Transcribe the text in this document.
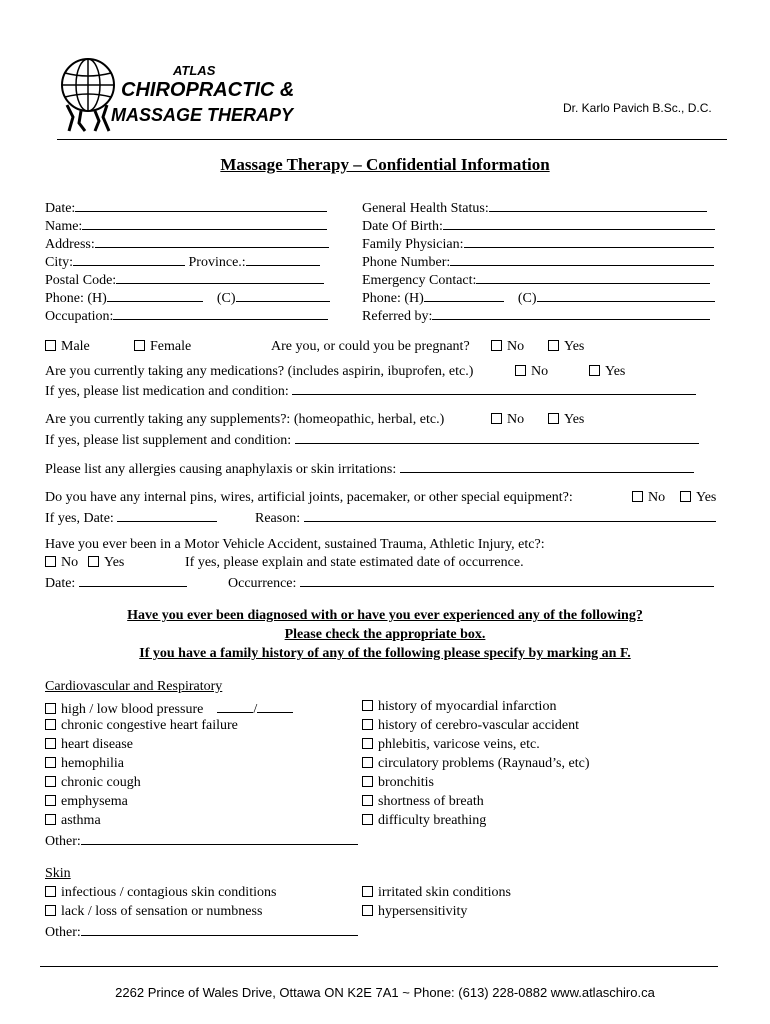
ATLAS
CHIROPRACTIC &
MASSAGE THERAPY	Dr. Karlo Pavich B.Sc., D.C.
Massage Therapy – Confidential Information
Date:
Name:
Address:
City:	Province.:
Postal Code:
Phone: (H)	(C)
Occupation:
General Health Status:
Date Of Birth:
Family Physician:
Phone Number:
Emergency Contact:
Phone: (H)	(C)
Referred by:
Male	Female	Are you, or could you be pregnant?	No	Yes
Are you currently taking any medications? (includes aspirin, ibuprofen, etc.)	No	Yes
If yes, please list medication and condition:
Are you currently taking any supplements?: (homeopathic, herbal, etc.)	No	Yes
If yes, please list supplement and condition:
Please list any allergies causing anaphylaxis or skin irritations:
Do you have any internal pins, wires, artificial joints, pacemaker, or other special equipment?:	No	Yes
If yes, Date:	Reason:
Have you ever been in a Motor Vehicle Accident, sustained Trauma, Athletic Injury, etc?:
No	Yes	If yes, please explain and state estimated date of occurrence.
Date:	Occurrence:
Have you ever been diagnosed with or have you ever experienced any of the following?
Please check the appropriate box.
If you have a family history of any of the following please specify by marking an F.
Cardiovascular and Respiratory
high / low blood pressure	/
chronic congestive heart failure
heart disease
hemophilia
chronic cough
emphysema
asthma
history of myocardial infarction
history of cerebro-vascular accident
phlebitis, varicose veins, etc.
circulatory problems (Raynaud’s, etc)
bronchitis
shortness of breath
difficulty breathing
Other:
Skin
infectious / contagious skin conditions
lack / loss of sensation or numbness
irritated skin conditions
hypersensitivity
Other:
2262 Prince of Wales Drive, Ottawa ON K2E 7A1 ~ Phone: (613) 228-0882 www.atlaschiro.ca
